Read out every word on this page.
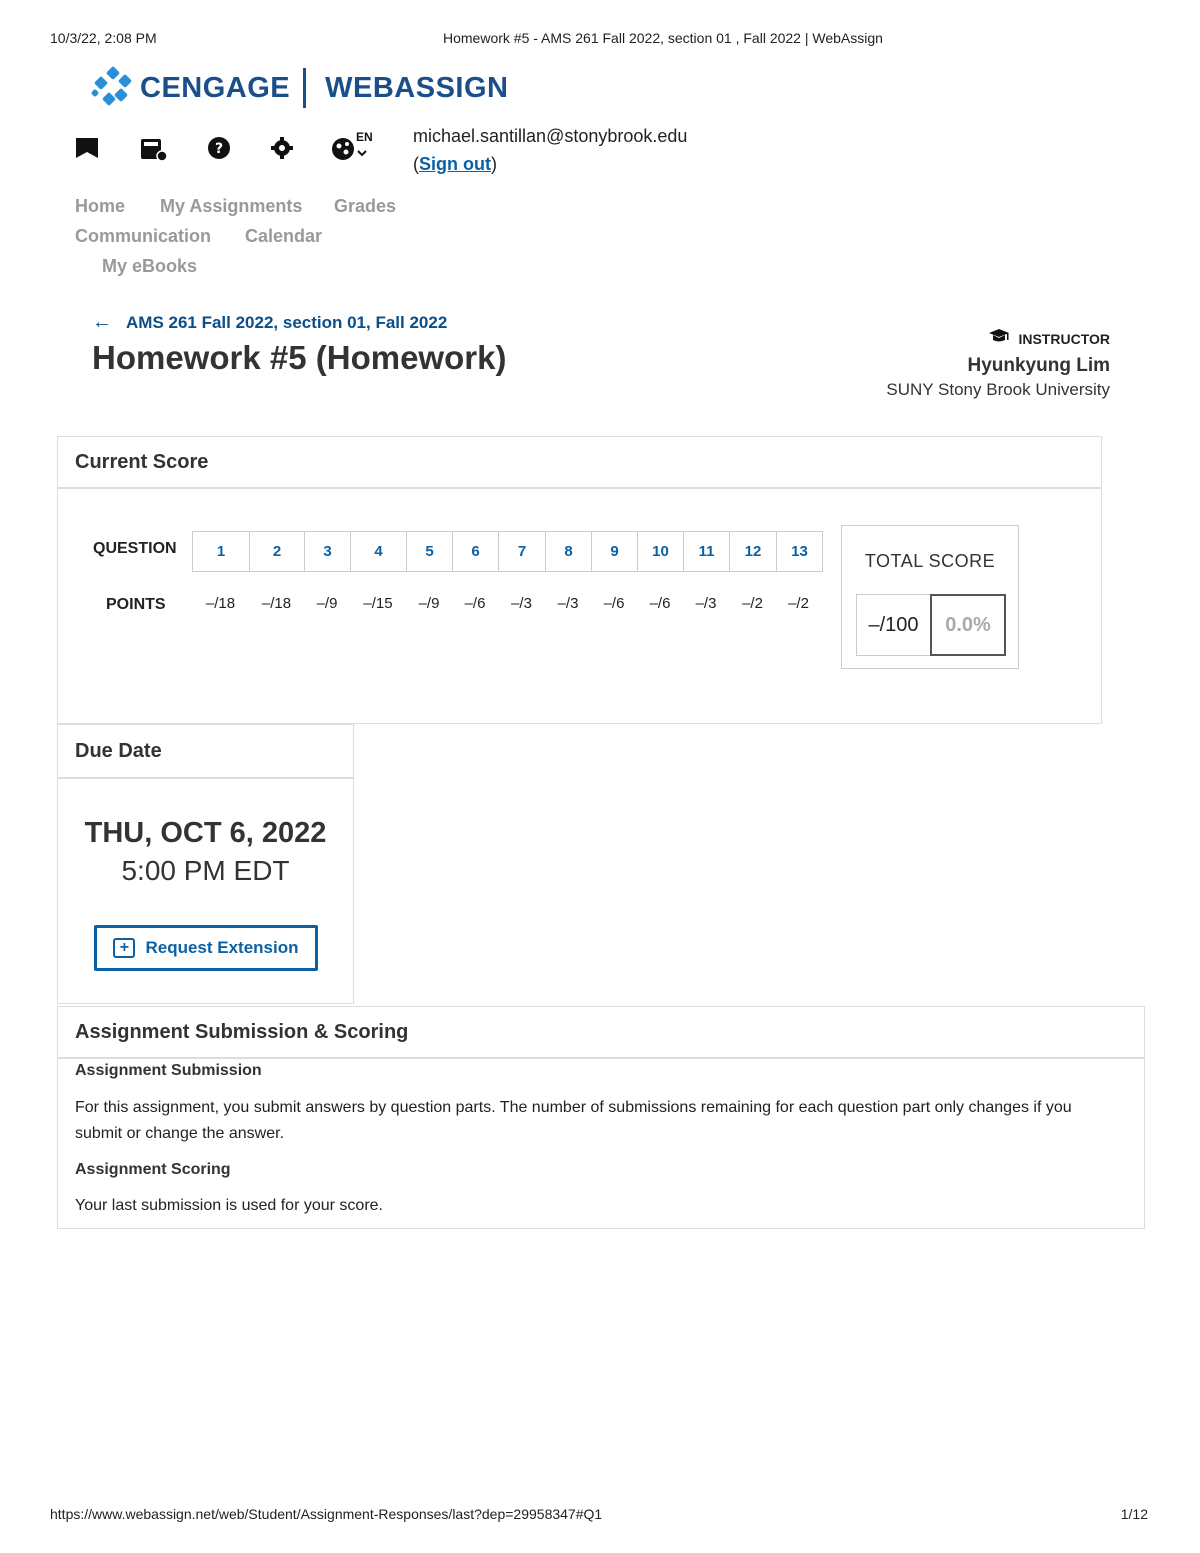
10/3/22, 2:08 PM	Homework #5 - AMS 261 Fall 2022, section 01 , Fall 2022 | WebAssign
CENGAGE WEBASSIGN
?
EN michael.santillan@stonybrook.edu
(Sign out)
Home My Assignments Grades
Communication Calendar
My eBooks
← AMS 261 Fall 2022, section 01, Fall 2022
Homework #5 (Homework)
INSTRUCTOR
Hyunkyung Lim
SUNY Stony Brook University
Current Score
QUESTION
POINTS
1	2	3	4	5	6	7	8	9	10	11	12	13
–/18	–/18	–/9	–/15	–/9	–/6	–/3	–/3	–/6	–/6	–/3	–/2	–/2
TOTAL SCORE
–/100	0.0%
Due Date
THU, OCT 6, 2022
5:00 PM EDT
+ Request Extension
Assignment Submission & Scoring
Assignment Submission
For this assignment, you submit answers by question parts. The number of submissions remaining for each question part only changes if you submit or change the answer.
Assignment Scoring
Your last submission is used for your score.
https://www.webassign.net/web/Student/Assignment-Responses/last?dep=29958347#Q1	1/12
